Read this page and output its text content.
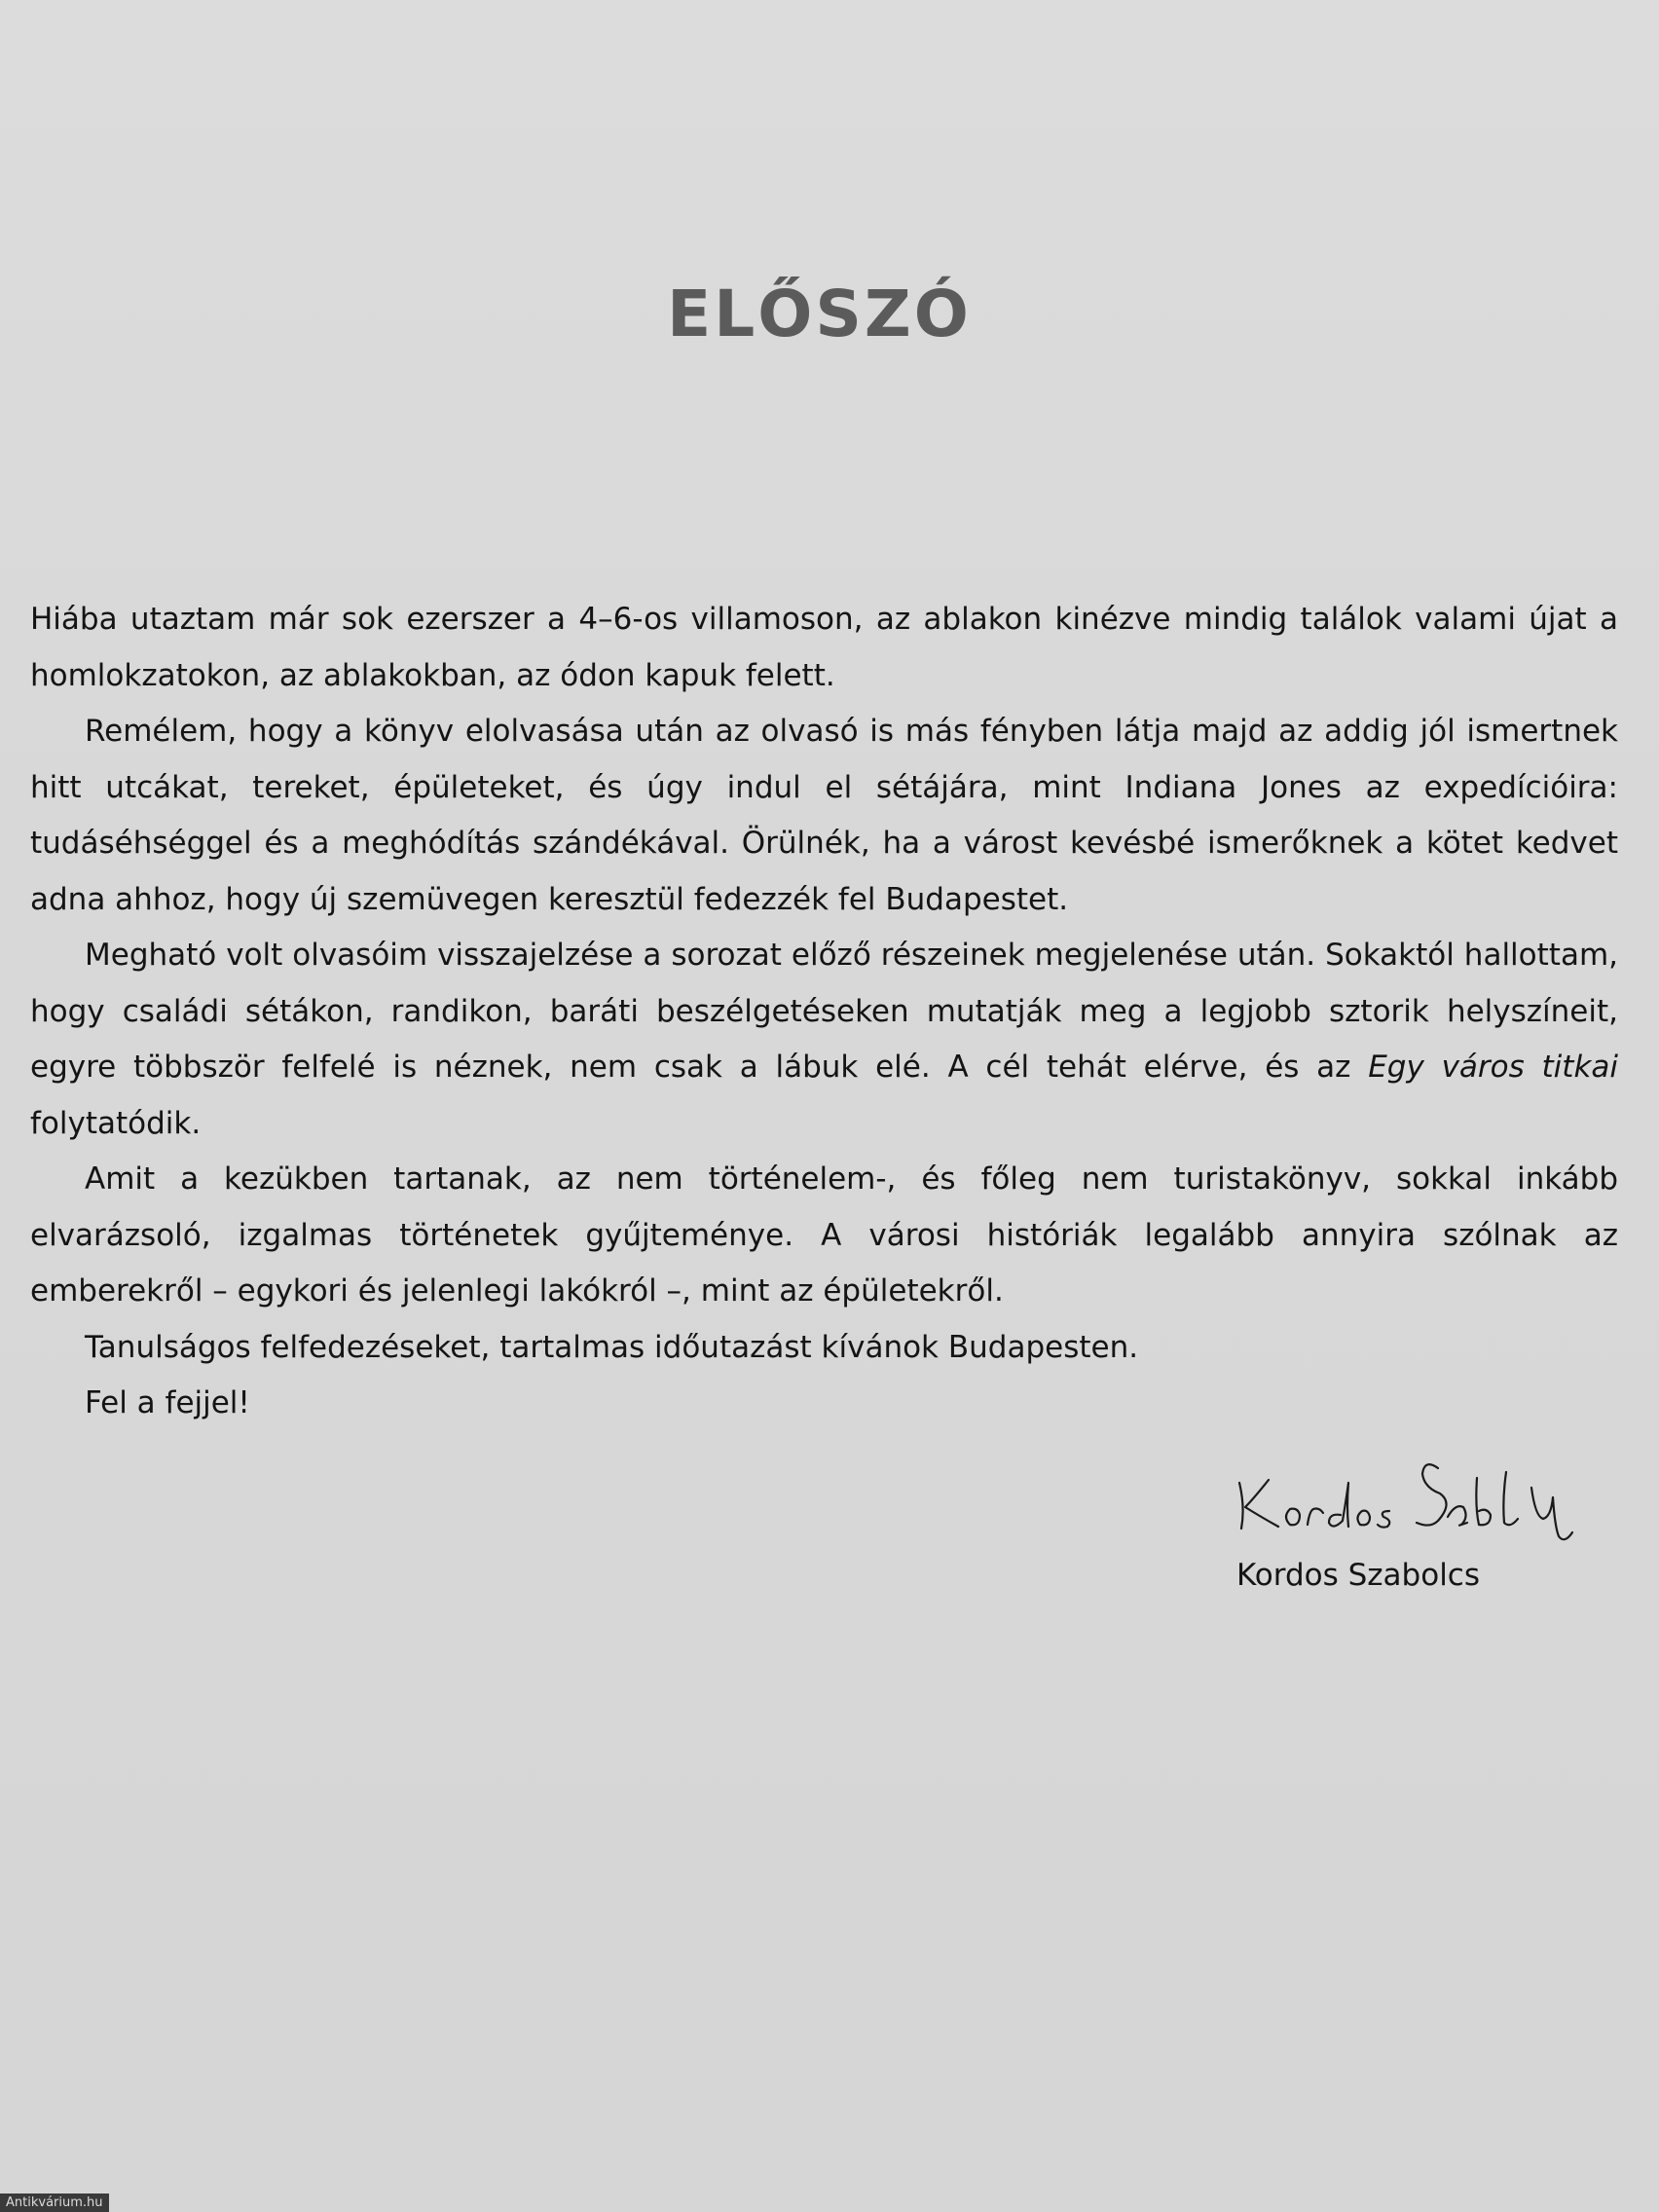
ELŐSZÓ

Hiába utaztam már sok ezerszer a 4–6-os villamoson, az ablakon kinézve mindig találok valami újat a homlokzatokon, az ablakokban, az ódon kapuk felett.

Remélem, hogy a könyv elolvasása után az olvasó is más fényben látja majd az addig jól ismertnek hitt utcákat, tereket, épületeket, és úgy indul el sétájára, mint Indiana Jones az expedícióira: tudáséhséggel és a meghódítás szándékával. Örülnék, ha a várost kevésbé ismerőknek a kötet kedvet adna ahhoz, hogy új szemüvegen keresztül fedezzék fel Budapestet.

Megható volt olvasóim visszajelzése a sorozat előző részeinek megjelenése után. Sokaktól hallottam, hogy családi sétákon, randikon, baráti beszélgetéseken mutatják meg a legjobb sztorik helyszíneit, egyre többször felfelé is néznek, nem csak a lábuk elé. A cél tehát elérve, és az Egy város titkai folytatódik.

Amit a kezükben tartanak, az nem történelem-, és főleg nem turistakönyv, sokkal inkább elvarázsoló, izgalmas történetek gyűjteménye. A városi históriák legalább annyira szólnak az emberekről – egykori és jelenlegi lakókról –, mint az épületekről.

Tanulságos felfedezéseket, tartalmas időutazást kívánok Budapesten.

Fel a fejjel!

Kordos Szabolcs
Antikvárium.hu
